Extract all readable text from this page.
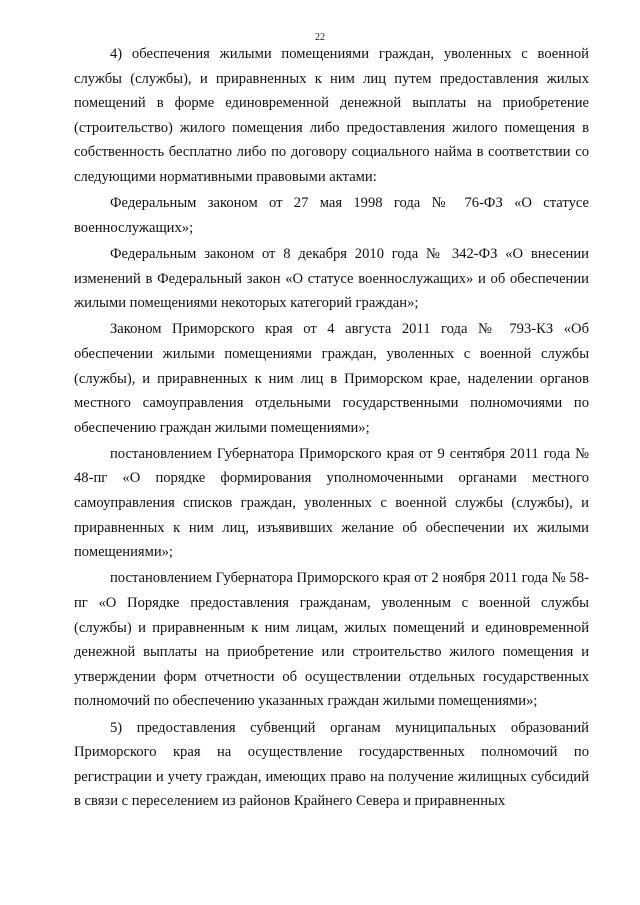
22

4) обеспечения жилыми помещениями граждан, уволенных с военной службы (службы), и приравненных к ним лиц путем предоставления жилых помещений в форме единовременной денежной выплаты на приобретение (строительство) жилого помещения либо предоставления жилого помещения в собственность бесплатно либо по договору социального найма в соответствии со следующими нормативными правовыми актами:

Федеральным законом от 27 мая 1998 года № 76-ФЗ «О статусе военнослужащих»;

Федеральным законом от 8 декабря 2010 года № 342-ФЗ «О внесении изменений в Федеральный закон «О статусе военнослужащих» и об обеспечении жилыми помещениями некоторых категорий граждан»;

Законом Приморского края от 4 августа 2011 года № 793-КЗ «Об обеспечении жилыми помещениями граждан, уволенных с военной службы (службы), и приравненных к ним лиц в Приморском крае, наделении органов местного самоуправления отдельными государственными полномочиями по обеспечению граждан жилыми помещениями»;

постановлением Губернатора Приморского края от 9 сентября 2011 года № 48-пг «О порядке формирования уполномоченными органами местного самоуправления списков граждан, уволенных с военной службы (службы), и приравненных к ним лиц, изъявивших желание об обеспечении их жилыми помещениями»;

постановлением Губернатора Приморского края от 2 ноября 2011 года № 58-пг «О Порядке предоставления гражданам, уволенным с военной службы (службы) и приравненным к ним лицам, жилых помещений и единовременной денежной выплаты на приобретение или строительство жилого помещения и утверждении форм отчетности об осуществлении отдельных государственных полномочий по обеспечению указанных граждан жилыми помещениями»;

5) предоставления субвенций органам муниципальных образований Приморского края на осуществление государственных полномочий по регистрации и учету граждан, имеющих право на получение жилищных субсидий в связи с переселением из районов Крайнего Севера и приравненных
